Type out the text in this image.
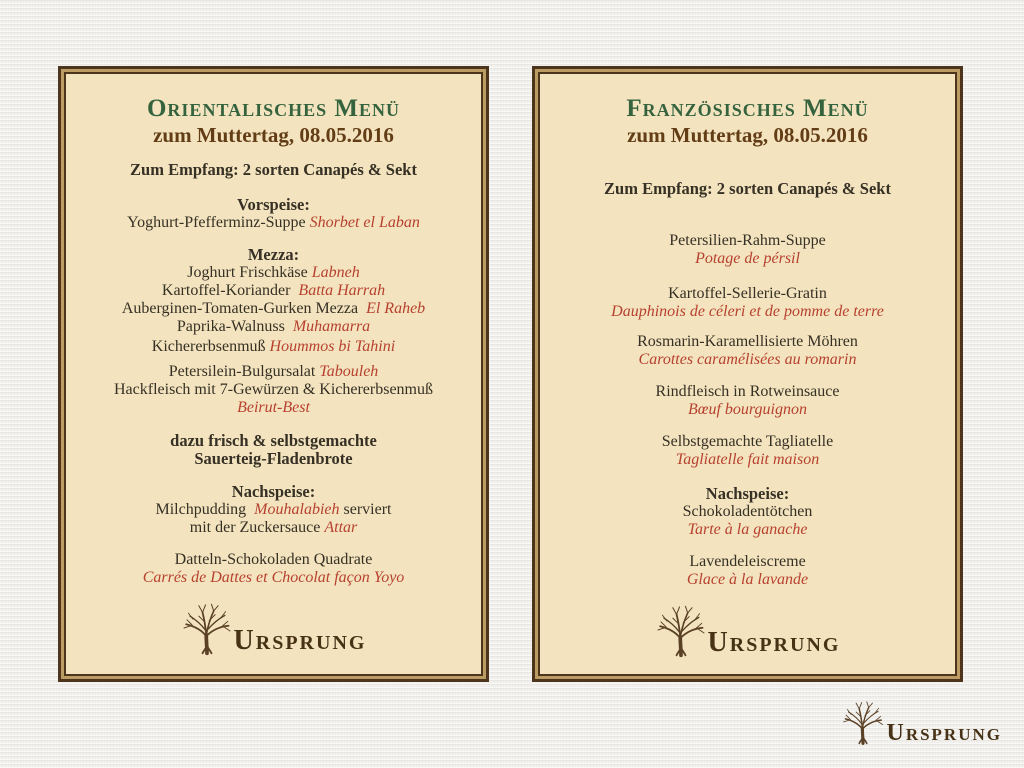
Orientalisches Menü
zum Muttertag, 08.05.2016
Zum Empfang: 2 sorten Canapés & Sekt
Vorspeise:
Yoghurt-Pfefferminz-Suppe Shorbet el Laban
Mezza:
Joghurt Frischkäse Labneh
Kartoffel-Koriander  Batta Harrah
Auberginen-Tomaten-Gurken Mezza  El Raheb
Paprika-Walnuss  Muhamarra
Kichererbsenmuß Hoummos bi Tahini
Petersilein-Bulgursalat Tabouleh
Hackfleisch mit 7-Gewürzen & Kichererbsenmuß
Beirut-Best
dazu frisch & selbstgemachte
Sauerteig-Fladenbrote
Nachspeise:
Milchpudding  Mouhalabieh serviert
mit der Zuckersauce Attar
Datteln-Schokoladen Quadrate
Carrés de Dattes et Chocolat façon Yoyo
Ursprung
Französisches Menü
zum Muttertag, 08.05.2016
Zum Empfang: 2 sorten Canapés & Sekt
Petersilien-Rahm-Suppe
Potage de pérsil
Kartoffel-Sellerie-Gratin
Dauphinois de céleri et de pomme de terre
Rosmarin-Karamellisierte Möhren
Carottes caramélisées au romarin
Rindfleisch in Rotweinsauce
Bœuf bourguignon
Selbstgemachte Tagliatelle
Tagliatelle fait maison
Nachspeise:
Schokoladentötchen
Tarte à la ganache
Lavendeleiscreme
Glace à la lavande
Ursprung
Ursprung
